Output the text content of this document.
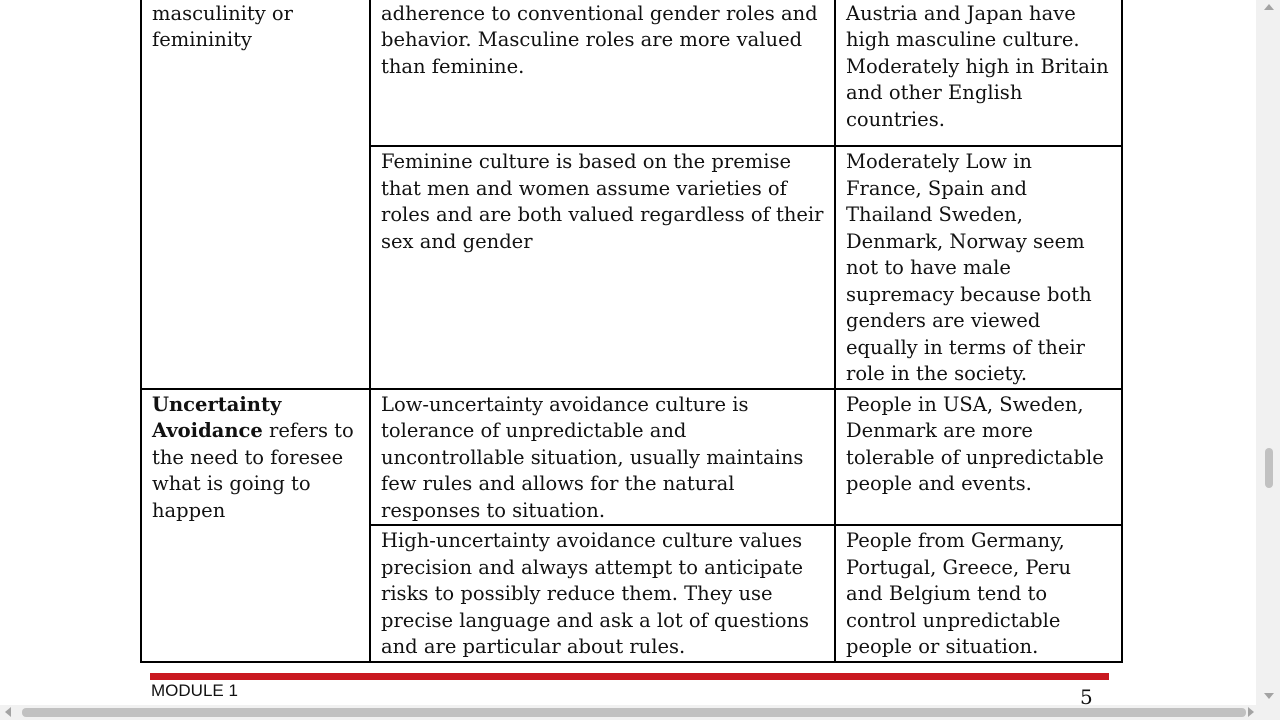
masculinity or femininity	adherence to conventional gender roles and behavior. Masculine roles are more valued than feminine.	Austria and Japan have high masculine culture. Moderately high in Britain and other English countries.
	Feminine culture is based on the premise that men and women assume varieties of roles and are both valued regardless of their sex and gender	Moderately Low in France, Spain and Thailand Sweden, Denmark, Norway seem not to have male supremacy because both genders are viewed equally in terms of their role in the society.
Uncertainty Avoidance refers to the need to foresee what is going to happen	Low-uncertainty avoidance culture is tolerance of unpredictable and uncontrollable situation, usually maintains few rules and allows for the natural responses to situation.	People in USA, Sweden, Denmark are more tolerable of unpredictable people and events.
	High-uncertainty avoidance culture values precision and always attempt to anticipate risks to possibly reduce them. They use precise language and ask a lot of questions and are particular about rules.	People from Germany, Portugal, Greece, Peru and Belgium tend to control unpredictable people or situation.
MODULE 1	5
